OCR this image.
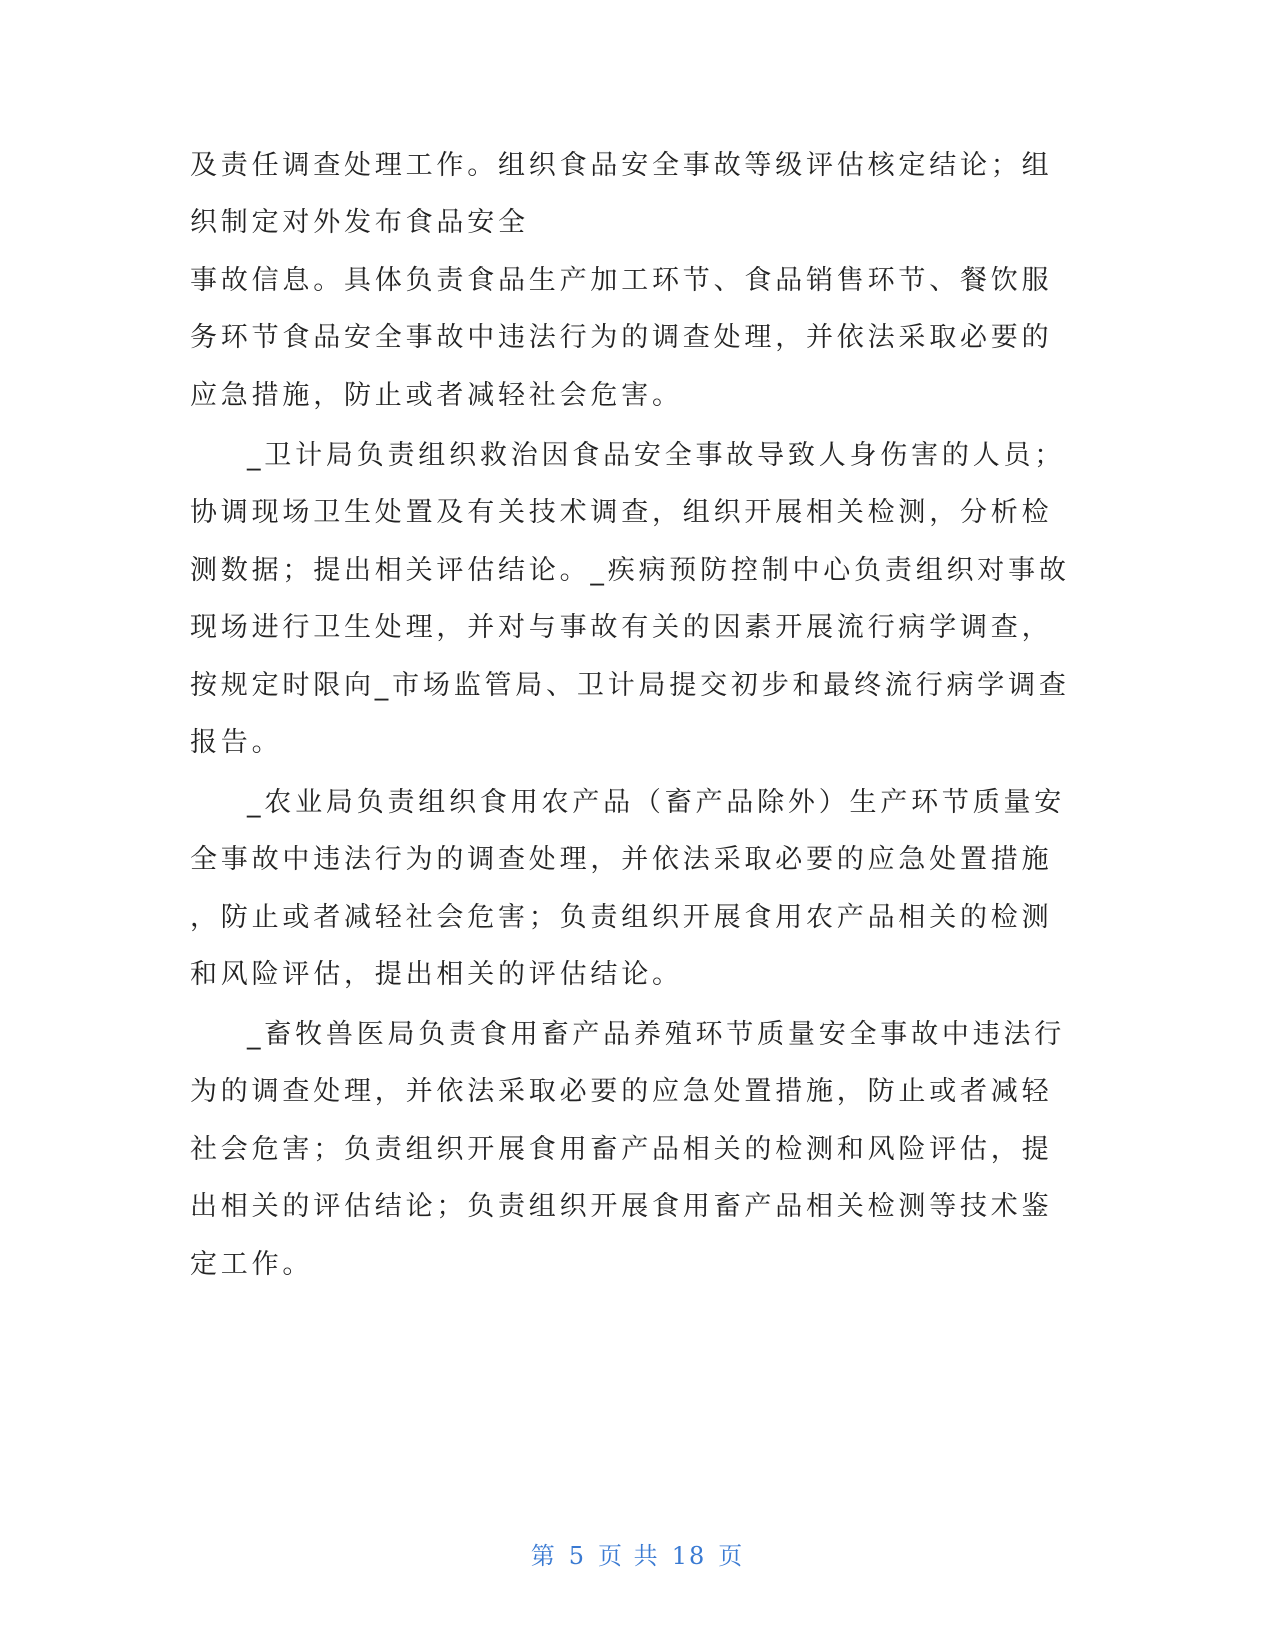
及责任调查处理工作。组织食品安全事故等级评估核定结论；组
织制定对外发布食品安全
事故信息。具体负责食品生产加工环节、食品销售环节、餐饮服
务环节食品安全事故中违法行为的调查处理，并依法采取必要的
应急措施，防止或者减轻社会危害。
_卫计局负责组织救治因食品安全事故导致人身伤害的人员；
协调现场卫生处置及有关技术调查，组织开展相关检测，分析检
测数据；提出相关评估结论。_疾病预防控制中心负责组织对事故
现场进行卫生处理，并对与事故有关的因素开展流行病学调查，
按规定时限向_市场监管局、卫计局提交初步和最终流行病学调查
报告。
_农业局负责组织食用农产品（畜产品除外）生产环节质量安
全事故中违法行为的调查处理，并依法采取必要的应急处置措施
，防止或者减轻社会危害；负责组织开展食用农产品相关的检测
和风险评估，提出相关的评估结论。
_畜牧兽医局负责食用畜产品养殖环节质量安全事故中违法行
为的调查处理，并依法采取必要的应急处置措施，防止或者减轻
社会危害；负责组织开展食用畜产品相关的检测和风险评估，提
出相关的评估结论；负责组织开展食用畜产品相关检测等技术鉴
定工作。
第 5 页 共 18 页
